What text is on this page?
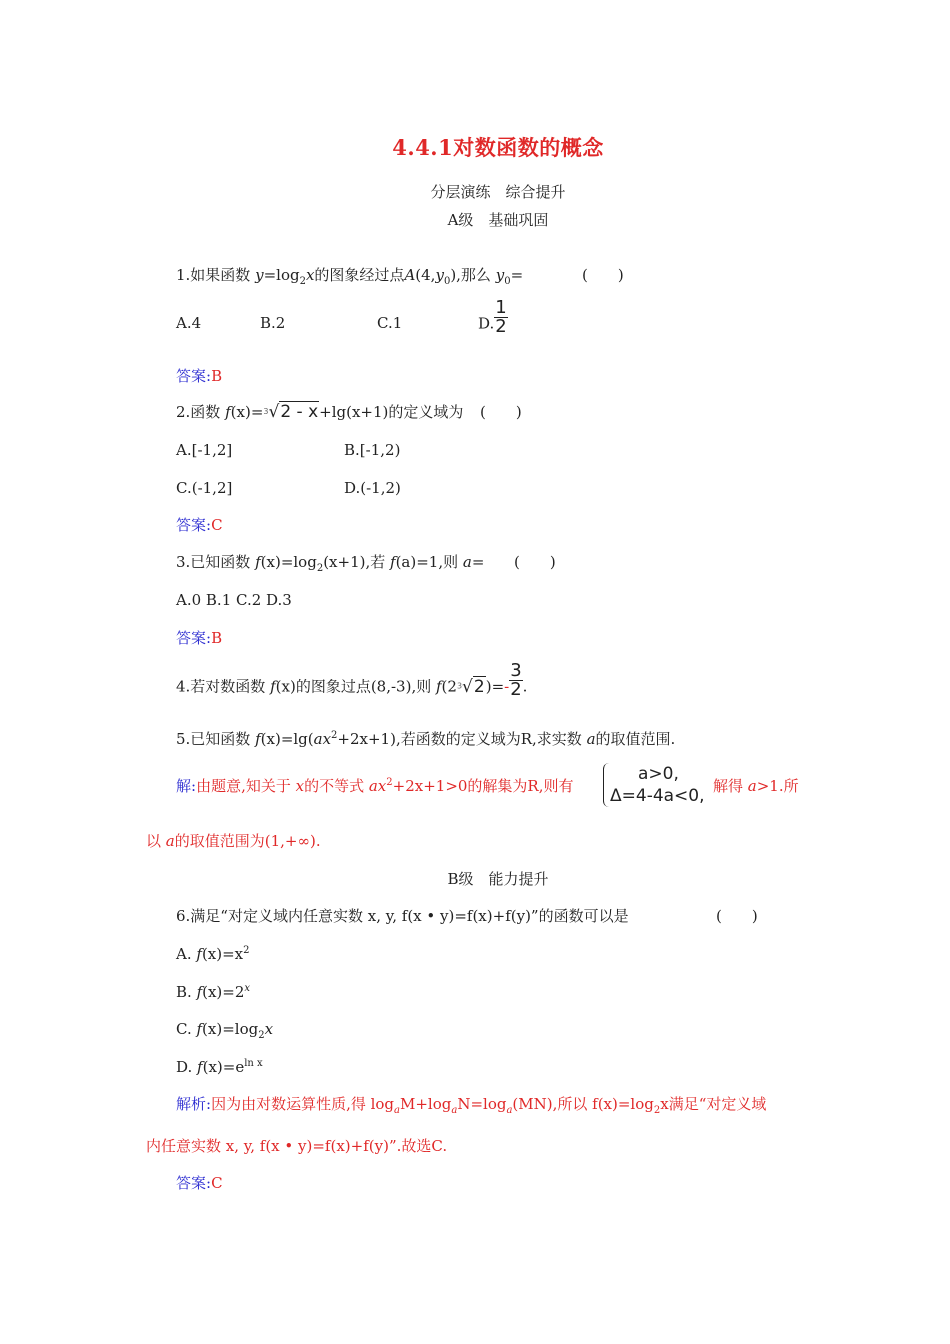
4.4.1对数函数的概念
分层演练　综合提升
A级　基础巩固
1.如果函数 $y=\log_2x$的图象经过点$A(4,y_0)$,那么 $y_0=$	(　　)
A.4	B.2	C.1	D. $\frac{1}{2}$
答案:B
2.函数 f(x)=$^3$√2 - x+lg(x+1)的定义域为 (　　)
A.[-1,2]	B.[-1,2)
C.(-1,2]	D.(-1,2)
答案:C
3.已知函数 $f(x)=\log_2(x+1)$,若 f(a)=1,则 a= (　　)
A.0 B.1 C.2 D.3
答案:B
4.若对数函数 f(x)的图象过点(8,-3),则 $f(2^3√2)=- \frac{3}{2}$ .
5.已知函数 $f(x)=\lg(ax^2+2x+1)$,若函数的定义域为R,求实数 a的取值范围.
解:由题意,知关于 x的不等式 $ax^2+2x+1>0$的解集为R,则有
a>0,
Δ=4-4a<0, 解得 a>1.所
以 a的取值范围为(1,+∞).
B级　能力提升
6.满足“对定义域内任意实数 x, y, f(x • y)=f(x)+f(y)”的函数可以是	(　　)
A. $f(x)=x^2$
B. $f(x)=2^x$
C. $f(x)=\log_2x$
D. $f(x)=e^{ln x}$
解析:因为由对数运算性质,得 $\log_aM+\log_aN=\log_a(MN)$,所以 $f(x)=\log_2x$满足“对定义域
内任意实数 x, y, f(x • y)=f(x)+f(y)”.故选C.
答案:C
